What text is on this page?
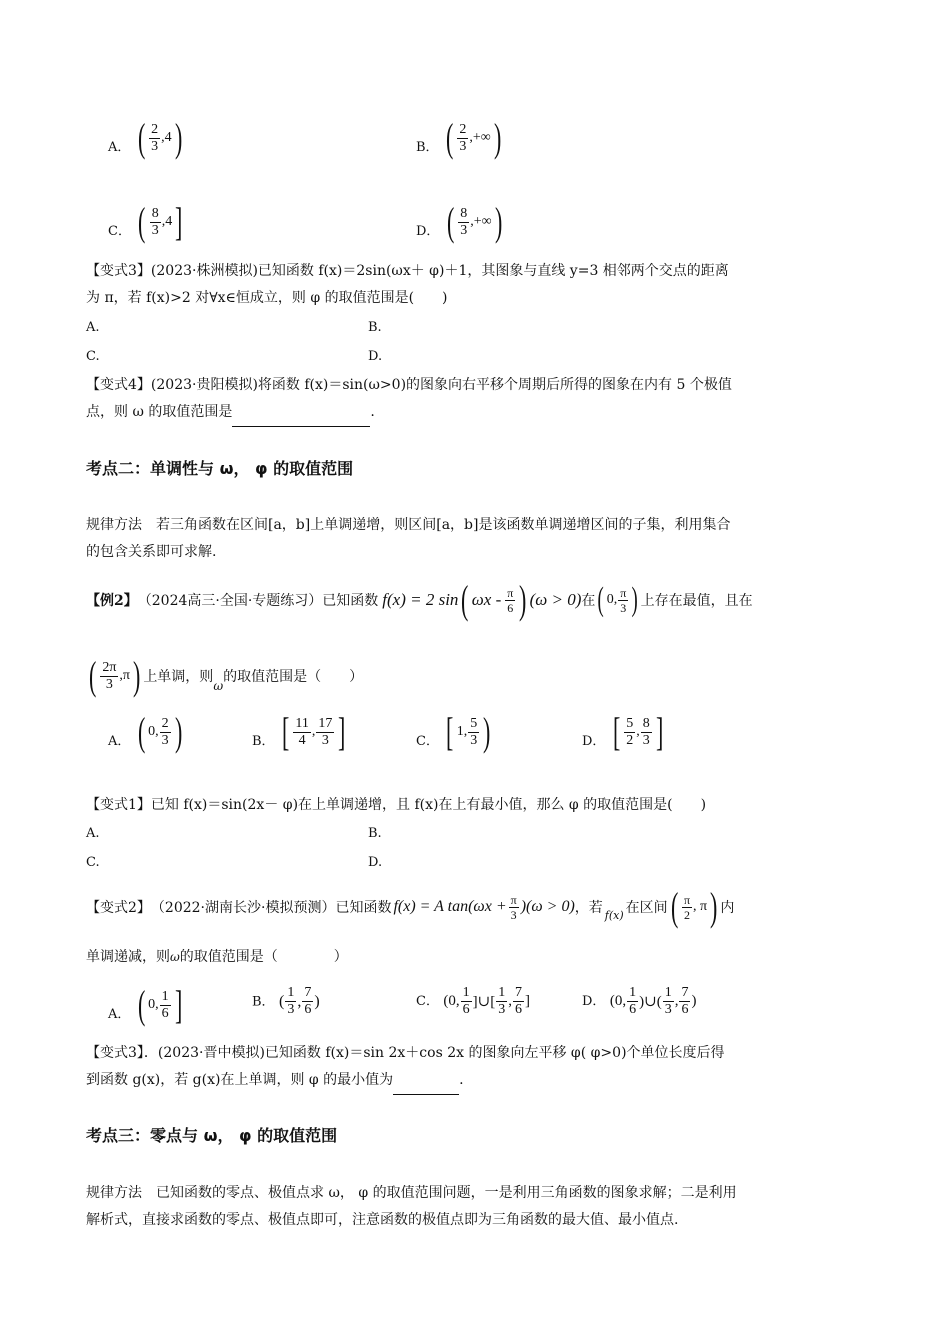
A． ( $\frac{2}{3} ,4$ )	B． ( $\frac{2}{3}$ ,+∞ )
C． ( $\frac{8}{3} ,4$ ]	D． ( $\frac{8}{3}$ ,+∞ )
【变式3】(2023·株洲模拟)已知函数 f(x)＝2sin(ωx＋ φ)＋1，其图象与直线 y=3 相邻两个交点的距离
为 π，若 f(x)>2 对∀x∈恒成立，则 φ 的取值范围是(　　)
A.	B.
C.	D.
【变式4】(2023·贵阳模拟)将函数 f(x)＝sin(ω>0)的图象向右平移个周期后所得的图象在内有 5 个极值
点，则 ω 的取值范围是	.
考点二：单调性与 ω， φ 的取值范围
规律方法　若三角函数在区间[a，b]上单调递增，则区间[a，b]是该函数单调递增区间的子集，利用集合
的包含关系即可求解.
【例2】 （2024高三·全国·专题练习）已知函数 f(x) = 2 sin ( ωx - $\frac{\pi}{6}$ ) (ω > 0) 在 ( 0, $\frac{\pi}{3}$ ) 上存在最值，且在
( $\frac{2\pi}{3} ,\pi$ ) 上单调，则
ω
的取值范围是（　　）
A． ( 0, $\frac{2}{3}$ )	B． [ $\frac{11}{4}$ , $\frac{17}{3}$ ]	C． [ 1, $\frac{5}{3}$ )	D． [ $\frac{5}{2}$ , $\frac{8}{3}$ ]
【变式1】已知 f(x)＝sin(2x－ φ)在上单调递增，且 f(x)在上有最小值，那么 φ 的取值范围是(　　)
A.	B.
C.	D.
【变式2】 （2022·湖南长沙·模拟预测）已知函数 f(x) = A $\tan(\omega x + \frac{\pi}{3} )(\omega > 0)$ ，若 f(x) 在区间 ( $\frac{\pi}{2}$ , π ) 内
单调递减，则ω的取值范围是（　　　　）
A． ( 0, $\frac{1}{6}$ ]	B． ( $\frac{1}{3}$ , $\frac{7}{6}$ )	C． (0, $\frac{1}{6}$ ]∪[ $\frac{1}{3}$ , $\frac{7}{6}$ ]	D． (0, $\frac{1}{6}$ )∪( $\frac{1}{3}$ , $\frac{7}{6}$ )
【变式3】．(2023·晋中模拟)已知函数 f(x)＝sin 2x＋cos 2x 的图象向左平移 φ( φ>0)个单位长度后得
到函数 g(x)，若 g(x)在上单调，则 φ 的最小值为	.
考点三：零点与 ω， φ 的取值范围
规律方法　已知函数的零点、极值点求 ω， φ 的取值范围问题，一是利用三角函数的图象求解；二是利用
解析式，直接求函数的零点、极值点即可，注意函数的极值点即为三角函数的最大值、最小值点.
